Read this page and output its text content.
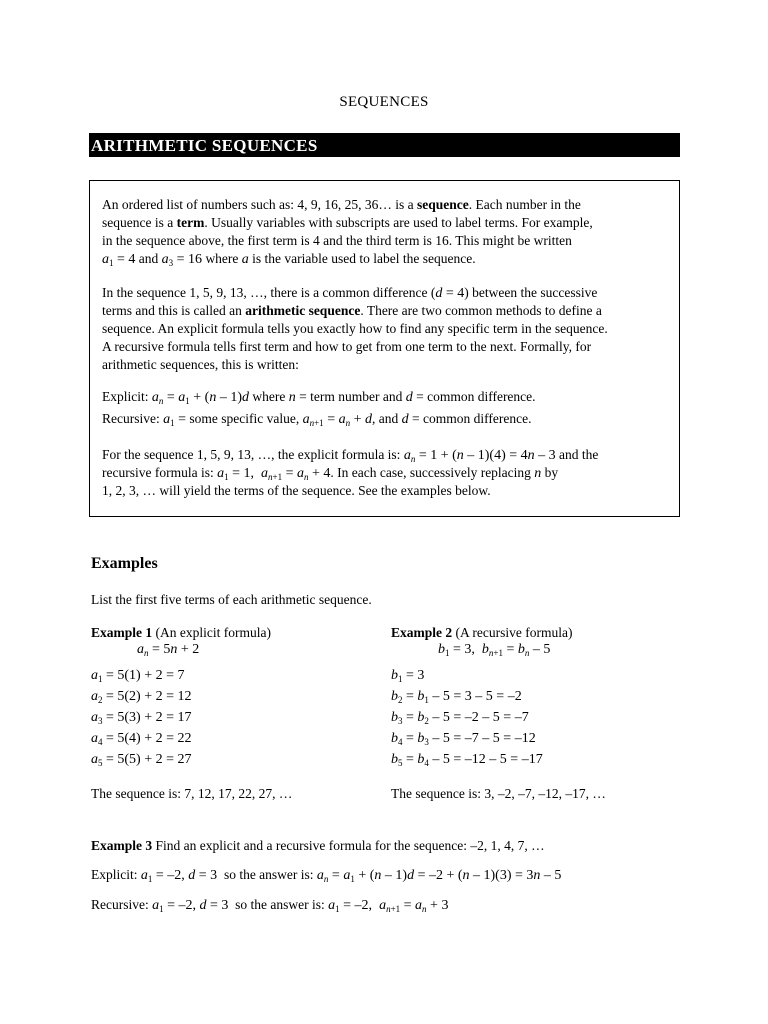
SEQUENCES
ARITHMETIC SEQUENCES
An ordered list of numbers such as: 4, 9, 16, 25, 36… is a sequence. Each number in the
sequence is a term. Usually variables with subscripts are used to label terms. For example,
in the sequence above, the first term is 4 and the third term is 16. This might be written
$a_1 = 4$ and $a_3 = 16$ where a is the variable used to label the sequence.
In the sequence 1, 5, 9, 13, …, there is a common difference (d = 4) between the successive
terms and this is called an arithmetic sequence. There are two common methods to define a
sequence. An explicit formula tells you exactly how to find any specific term in the sequence.
A recursive formula tells first term and how to get from one term to the next. Formally, for
arithmetic sequences, this is written:
Explicit: $a_n = a_1 + (n - 1)d$ where n = term number and d = common difference.
Recursive: $a_1$ = some specific value, $a_{n+1} = a_n + d$, and d = common difference.
For the sequence 1, 5, 9, 13, …, the explicit formula is: $a_n = 1 + (n - 1)(4) = 4n - 3$ and the
recursive formula is: $a_1 = 1$,  $a_{n+1} = a_n + 4$. In each case, successively replacing n by
1, 2, 3, … will yield the terms of the sequence. See the examples below.
Examples
List the first five terms of each arithmetic sequence.
Example 1 (An explicit formula)
$a_n = 5n + 2$
$a_1 = 5(1) + 2 = 7$
$a_2 = 5(2) + 2 = 12$
$a_3 = 5(3) + 2 = 17$
$a_4 = 5(4) + 2 = 22$
$a_5 = 5(5) + 2 = 27$
The sequence is: 7, 12, 17, 22, 27, …
Example 2 (A recursive formula)
$b_1 = 3$,  $b_{n+1} = b_n - 5$
$b_1 = 3$
$b_2 = b_1 - 5 = 3 - 5 = -2$
$b_3 = b_2 - 5 = -2 - 5 = -7$
$b_4 = b_3 - 5 = -7 - 5 = -12$
$b_5 = b_4 - 5 = -12 - 5 = -17$
The sequence is: 3, –2, –7, –12, –17, …
Example 3 Find an explicit and a recursive formula for the sequence: –2, 1, 4, 7, …
Explicit: $a_1 = -2$, d = 3 so the answer is: $a_n = a_1 + (n - 1)d = -2 + (n - 1)(3) = 3n - 5$
Recursive: $a_1 = -2$, d = 3 so the answer is: $a_1 = -2$,  $a_{n+1} = a_n + 3$
